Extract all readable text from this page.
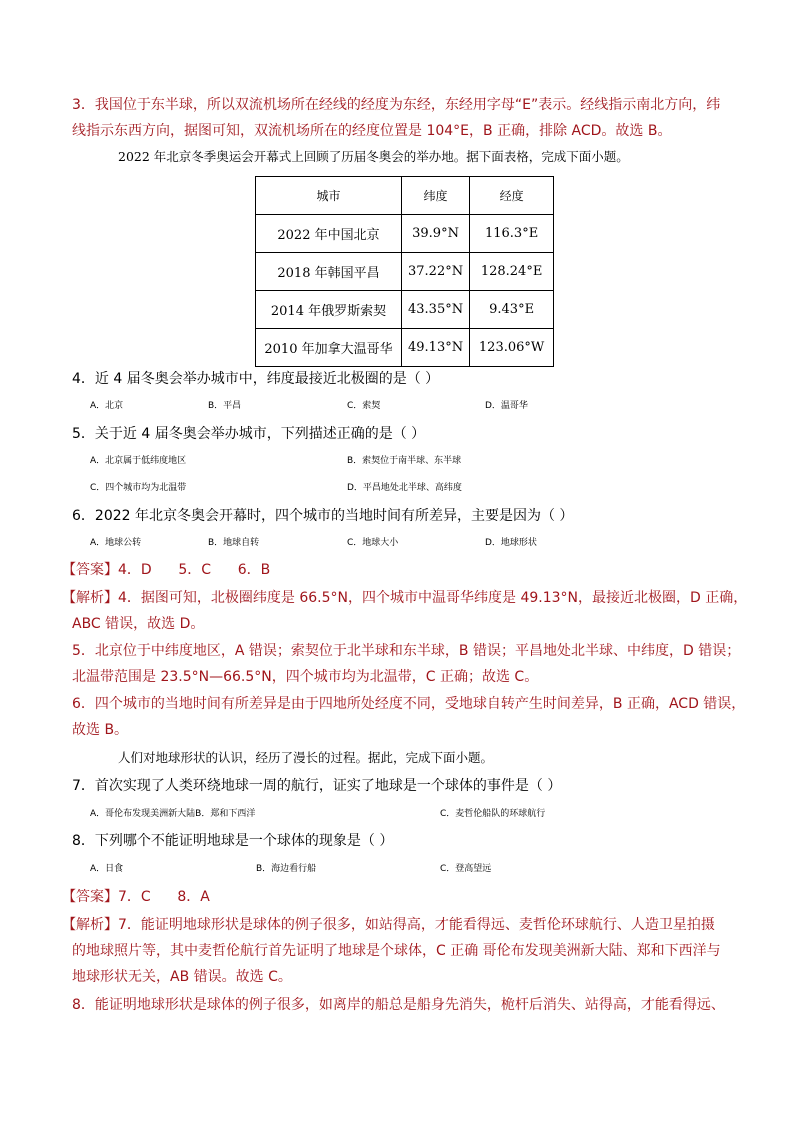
3．我国位于东半球，所以双流机场所在经线的经度为东经，东经用字母“E”表示。经线指示南北方向，纬
线指示东西方向，据图可知，双流机场所在的经度位置是 104°E，B 正确，排除 ACD。故选 B。
2022 年北京冬季奥运会开幕式上回顾了历届冬奥会的举办地。据下面表格，完成下面小题。
城市	纬度	经度
2022 年中国北京	39.9°N	116.3°E
2018 年韩国平昌	37.22°N	128.24°E
2014 年俄罗斯索契	43.35°N	9.43°E
2010 年加拿大温哥华	49.13°N	123.06°W
4．近 4 届冬奥会举办城市中，纬度最接近北极圈的是（ ）
A．北京	B．平昌	C．索契	D．温哥华
5．关于近 4 届冬奥会举办城市，下列描述正确的是（ ）
A．北京属于低纬度地区	B．索契位于南半球、东半球
C．四个城市均为北温带	D．平昌地处北半球、高纬度
6．2022 年北京冬奥会开幕时，四个城市的当地时间有所差异，主要是因为（ ）
A．地球公转	B．地球自转	C．地球大小	D．地球形状
【答案】4．D      5．C      6．B
【解析】4．据图可知，北极圈纬度是 66.5°N，四个城市中温哥华纬度是 49.13°N，最接近北极圈，D 正确，
ABC 错误，故选 D。
5．北京位于中纬度地区，A 错误；索契位于北半球和东半球，B 错误；平昌地处北半球、中纬度，D 错误；
北温带范围是 23.5°N—66.5°N，四个城市均为北温带，C 正确；故选 C。
6．四个城市的当地时间有所差异是由于四地所处经度不同，受地球自转产生时间差异，B 正确，ACD 错误，
故选 B。
人们对地球形状的认识，经历了漫长的过程。据此，完成下面小题。
7．首次实现了人类环绕地球一周的航行，证实了地球是一个球体的事件是（ ）
A．哥伦布发现美洲新大陆B．郑和下西洋	C．麦哲伦船队的环球航行
8．下列哪个不能证明地球是一个球体的现象是（ ）
A．日食	B．海边看行船	C．登高望远
【答案】7．C      8．A
【解析】7．能证明地球形状是球体的例子很多，如站得高，才能看得远、麦哲伦环球航行、人造卫星拍摄
的地球照片等，其中麦哲伦航行首先证明了地球是个球体，C 正确 哥伦布发现美洲新大陆、郑和下西洋与
地球形状无关，AB 错误。故选 C。
8．能证明地球形状是球体的例子很多，如离岸的船总是船身先消失，桅杆后消失、站得高，才能看得远、
